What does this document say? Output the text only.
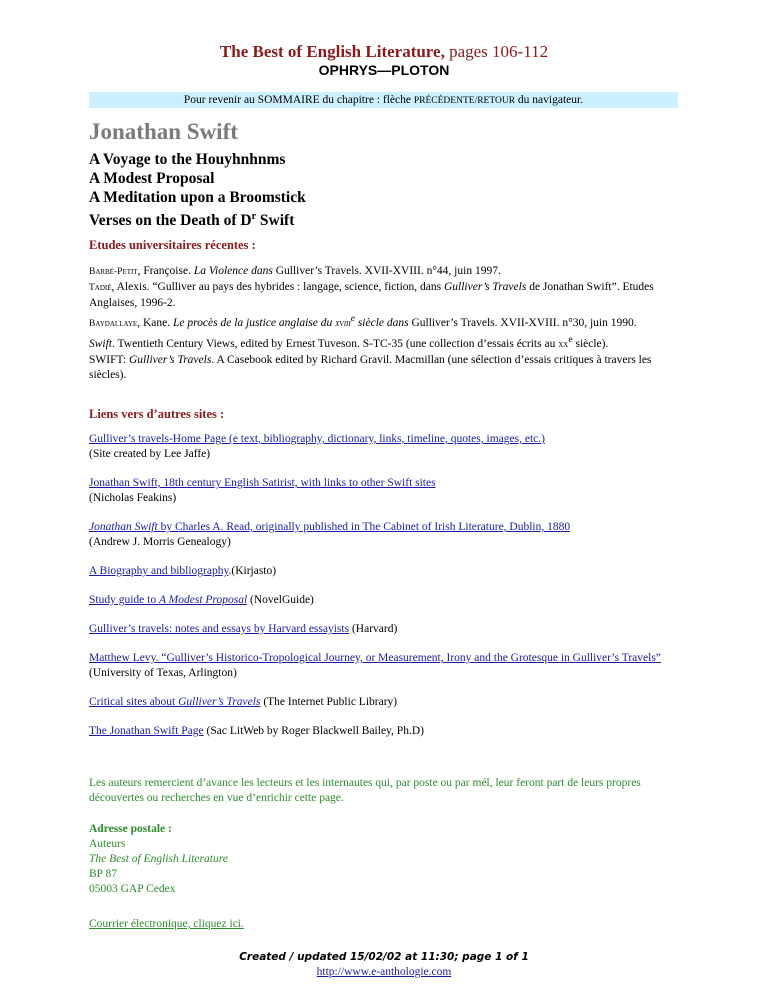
The Best of English Literature, pages 106-112
OPHRYS—PLOTON
Pour revenir au SOMMAIRE du chapitre : flèche PRÉCÉDENTE/RETOUR du navigateur.
Jonathan Swift
A Voyage to the Houyhnhnms
A Modest Proposal
A Meditation upon a Broomstick
Verses on the Death of $D^r$ Swift
Etudes universitaires récentes :
Barbé-Petit, Françoise. La Violence dans Gulliver’s Travels. XVII-XVIII. n°44, juin 1997.
Tadié, Alexis. “Gulliver au pays des hybrides : langage, science, fiction, dans Gulliver’s Travels de Jonathan Swift”. Etudes Anglaises, 1996-2.
Baydallaye, Kane. Le procès de la justice anglaise du xviii$^e$ siècle dans Gulliver’s Travels. XVII-XVIII. n°30, juin 1990.
Swift. Twentieth Century Views, edited by Ernest Tuveson. S-TC-35 (une collection d’essais écrits au $xx^e$ siècle).
SWIFT: Gulliver’s Travels. A Casebook edited by Richard Gravil. Macmillan (une sélection d’essais critiques à travers les siècles).
Liens vers d’autres sites :
Gulliver’s travels-Home Page (e text, bibliography, dictionary, links, timeline, quotes, images, etc.)
(Site created by Lee Jaffe)
Jonathan Swift, 18th century English Satirist, with links to other Swift sites
(Nicholas Feakins)
Jonathan Swift by Charles A. Read, originally published in The Cabinet of Irish Literature, Dublin, 1880
(Andrew J. Morris Genealogy)
A Biography and bibliography.(Kirjasto)
Study guide to A Modest Proposal (NovelGuide)
Gulliver’s travels: notes and essays by Harvard essayists (Harvard)
Matthew Levy. “Gulliver’s Historico-Tropological Journey, or Measurement, Irony and the Grotesque in Gulliver’s Travels” (University of Texas, Arlington)
Critical sites about Gulliver’s Travels (The Internet Public Library)
The Jonathan Swift Page (Sac LitWeb by Roger Blackwell Bailey, Ph.D)
Les auteurs remercient d’avance les lecteurs et les internautes qui, par poste ou par mél, leur feront part de leurs propres découvertes ou recherches en vue d’enrichir cette page.
Adresse postale :
Auteurs
The Best of English Literature
BP 87
05003 GAP Cedex
Courrier électronique, cliquez ici.
Created / updated 15/02/02 at 11:30; page 1 of 1
http://www.e-anthologie.com
